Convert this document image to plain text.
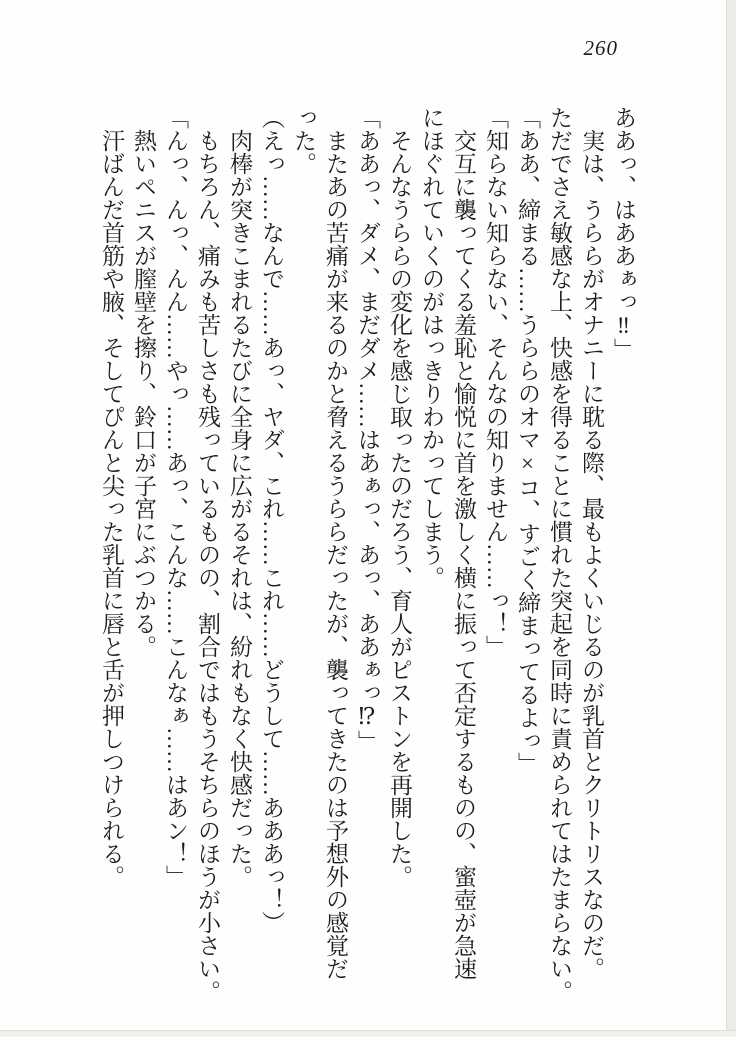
260

ああっ、はああぁっ‼」

　実は、うららがオナニーに耽る際、最もよくいじるのが乳首とクリトリスなのだ。

ただでさえ敏感な上、快感を得ることに慣れた突起を同時に責められてはたまらない。

「ああ、締まる……うららのオマ×コ、すごく締まってるよっ」

「知らない知らない、そんなの知りません……っ！」

　交互に襲ってくる羞恥と愉悦に首を激しく横に振って否定するものの、蜜壺が急速

にほぐれていくのがはっきりわかってしまう。

　そんなうららの変化を感じ取ったのだろう、育人がピストンを再開した。

「ああっ、ダメ、まだダメ……はあぁっ、あっ、ああぁっ⁉」

　またあの苦痛が来るのかと脅えるうららだったが、襲ってきたのは予想外の感覚だ

った。

（えっ……なんで……あっ、ヤダ、これ……これ……どうして……あああっ！）

　肉棒が突きこまれるたびに全身に広がるそれは、紛れもなく快感だった。

　もちろん、痛みも苦しさも残っているものの、割合ではもうそちらのほうが小さい。

「んっ、んっ、んん……やっ……あっ、こんな……こんなぁ……はあン！」

　熱いペニスが膣壁を擦り、鈴口が子宮にぶつかる。

　汗ばんだ首筋や腋、そしてぴんと尖った乳首に唇と舌が押しつけられる。
